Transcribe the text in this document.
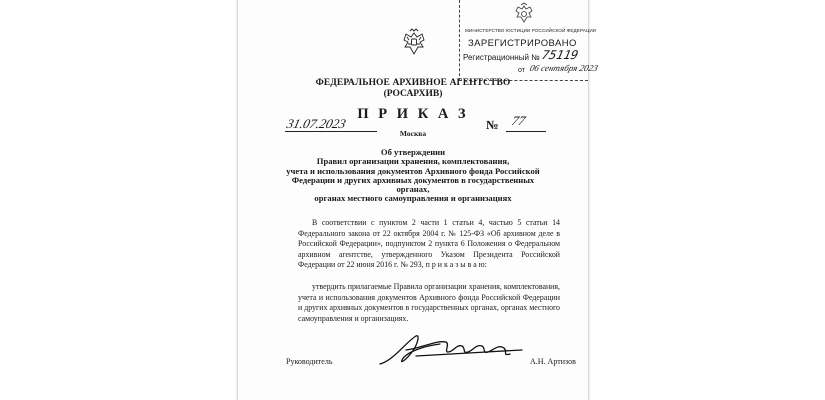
МИНИСТЕРСТВО ЮСТИЦИИ РОССИЙСКОЙ ФЕДЕРАЦИИ
ЗАРЕГИСТРИРОВАНО
Регистрационный № 75119
от 06 сентября 2023
ФЕДЕРАЛЬНОЕ АРХИВНОЕ АГЕНТСТВО
(РОСАРХИВ)
П Р И К А З
31.07.2023
Москва
№ 77
Об утверждении
Правил организации хранения, комплектования,
учета и использования документов Архивного фонда Российской
Федерации и других архивных документов в государственных органах,
органах местного самоуправления и организациях
В соответствии с пунктом 2 части 1 статьи 4, частью 5 статьи 14 Федерального закона от 22 октября 2004 г. № 125-ФЗ «Об архивном деле в Российской Федерации», подпунктом 2 пункта 6 Положения о Федеральном архивном агентстве, утвержденного Указом Президента Российской Федерации от 22 июня 2016 г. № 293, п р и к а з ы в а ю:
утвердить прилагаемые Правила организации хранения, комплектования, учета и использования документов Архивного фонда Российской Федерации и других архивных документов в государственных органах, органах местного самоуправления и организациях.
Руководитель	А.Н. Артизов
